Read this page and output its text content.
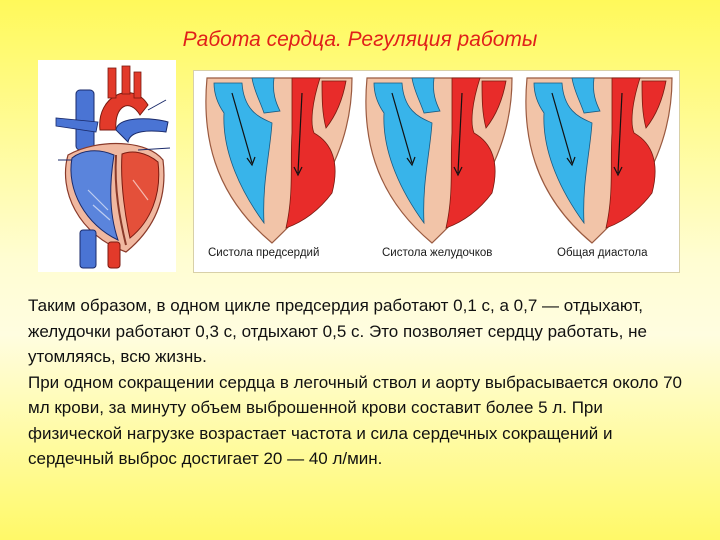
Работа сердца. Регуляция работы
Систола предсердий	Систола желудочков	Общая диастола

Таким образом, в одном цикле предсердия работают 0,1 с, а 0,7 — отдыхают, желудочки работают 0,3 с, отдыхают 0,5 с. Это позволяет сердцу работать, не утомляясь, всю жизнь.

При одном сокращении сердца в легочный ствол и аорту выбрасывается около 70 мл крови, за минуту объем выброшенной крови составит более 5 л. При физической нагрузке возрастает частота и сила сердечных сокращений и сердечный выброс достигает 20 — 40 л/мин.
